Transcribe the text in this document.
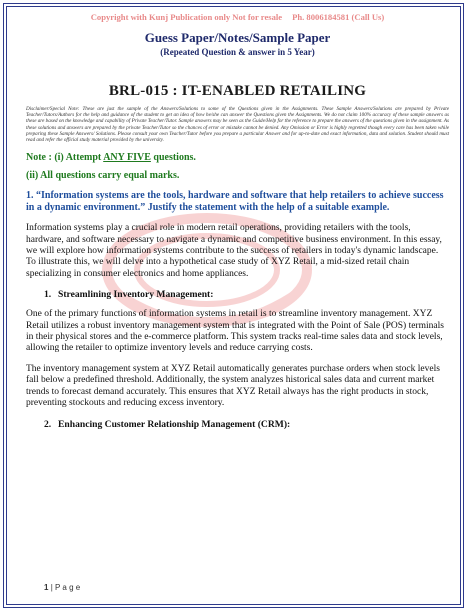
Copyright with Kunj Publication only Not for resale Ph. 8006184581 (Call Us)

Guess Paper/Notes/Sample Paper

(Repeated Question & answer in 5 Year)

BRL-015 : IT-ENABLED RETAILING

Disclaimer/Special Note: These are just the sample of the Answers/Solutions to some of the Questions given in the Assignments. These Sample Answers/Solutions are prepared by Private Teacher/Tutors/Authors for the help and guidance of the student to get an idea of how he/she can answer the Questions given the Assignments. We do not claim 100% accuracy of these sample answers as these are based on the knowledge and capability of Private Teacher/Tutor. Sample answers may be seen as the Guide/Help for the reference to prepare the answers of the questions given in the assignment. As these solutions and answers are prepared by the private Teacher/Tutor so the chances of error or mistake cannot be denied. Any Omission or Error is highly regretted though every care has been taken while preparing these Sample Answers/ Solutions. Please consult your own Teacher/Tutor before you prepare a particular Answer and for up-to-date and exact information, data and solution. Student should must read and refer the official study material provided by the university.

Note : (i) Attempt ANY FIVE questions.

(ii) All questions carry equal marks.

1. “Information systems are the tools, hardware and software that help retailers to achieve success in a dynamic environment.” Justify the statement with the help of a suitable example.

Information systems play a crucial role in modern retail operations, providing retailers with the tools, hardware, and software necessary to navigate a dynamic and competitive business environment. In this essay, we will explore how information systems contribute to the success of retailers in today's dynamic landscape. To illustrate this, we will delve into a hypothetical case study of XYZ Retail, a mid-sized retail chain specializing in consumer electronics and home appliances.

1. Streamlining Inventory Management:

One of the primary functions of information systems in retail is to streamline inventory management. XYZ Retail utilizes a robust inventory management system that is integrated with the Point of Sale (POS) terminals in their physical stores and the e-commerce platform. This system tracks real-time sales data and stock levels, allowing the retailer to optimize inventory levels and reduce carrying costs.

The inventory management system at XYZ Retail automatically generates purchase orders when stock levels fall below a predefined threshold. Additionally, the system analyzes historical sales data and current market trends to forecast demand accurately. This ensures that XYZ Retail always has the right products in stock, preventing stockouts and reducing excess inventory.

2. Enhancing Customer Relationship Management (CRM):

1 | P a g e
